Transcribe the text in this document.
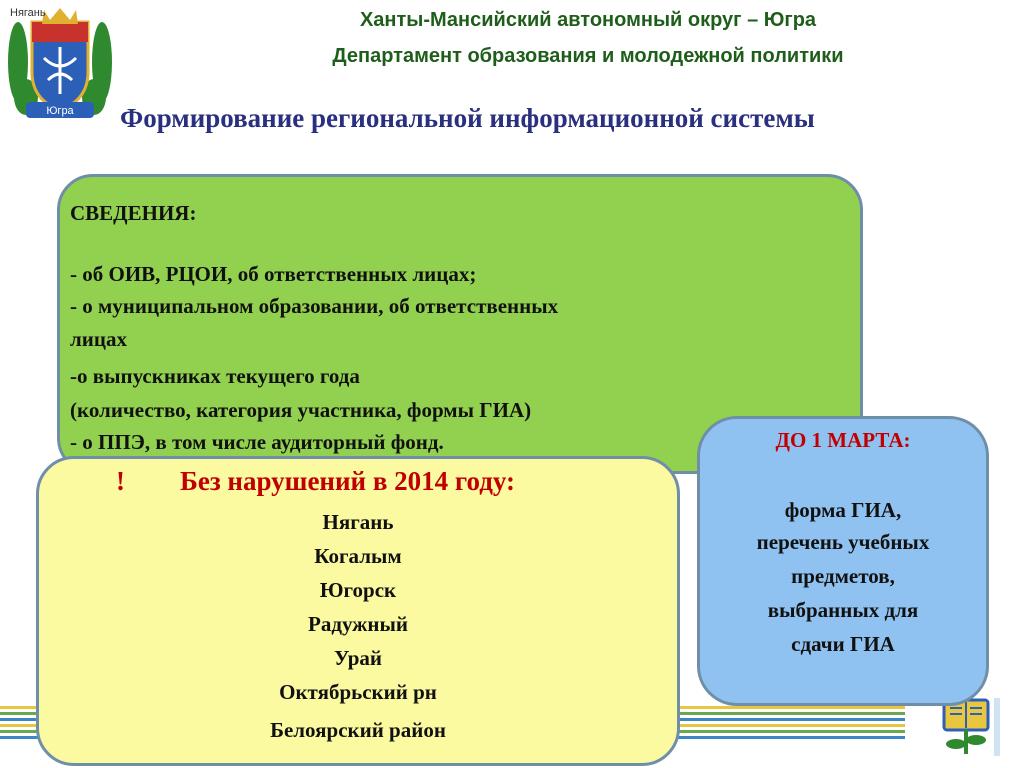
Югра
Нягань	Ханты-Мансийский автономный округ – Югра
Департамент образования и молодежной политики
Формирование региональной информационной системы
СВЕДЕНИЯ:
- об ОИВ, РЦОИ, об ответственных лицах;
- о муниципальном образовании, об ответственных
лицах
-о выпускниках текущего года
(количество, категория участника, формы ГИА)
- о ППЭ, в том числе аудиторный фонд.	ДО 1 МАРТА:
форма ГИА,
перечень учебных
предметов,
выбранных для
сдачи ГИА
! Без нарушений в 2014 году:
Нягань
Когалым
Югорск
Радужный
Урай
Октябрьский рн
Белоярский район
